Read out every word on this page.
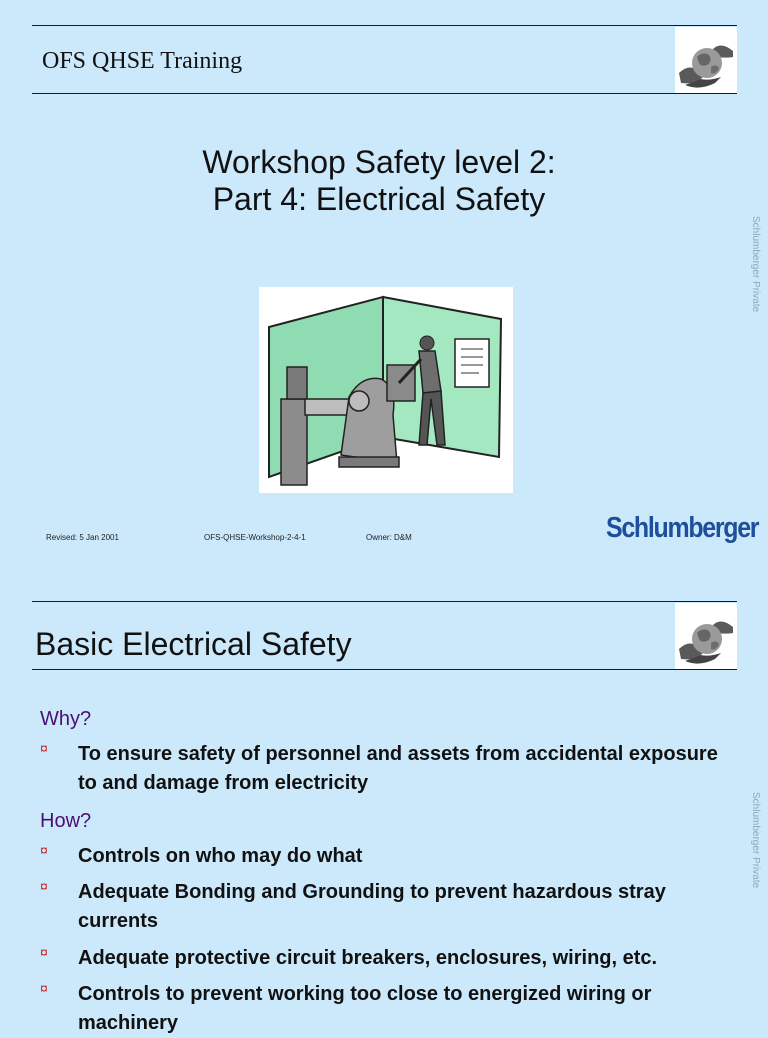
OFS QHSE Training
Workshop Safety level 2:
Part 4: Electrical Safety
Schlumberger Private
Revised: 5 Jan 2001	OFS-QHSE-Workshop-2-4-1	Owner: D&M	Schlumberger
Basic Electrical Safety
Schlumberger Private
Why?
¤ To ensure safety of personnel and assets from accidental exposure to and damage from electricity
How?
¤ Controls on who may do what
¤ Adequate Bonding and Grounding to prevent hazardous stray currents
¤ Adequate protective circuit breakers, enclosures, wiring, etc.
¤ Controls to prevent working too close to energized wiring or machinery
